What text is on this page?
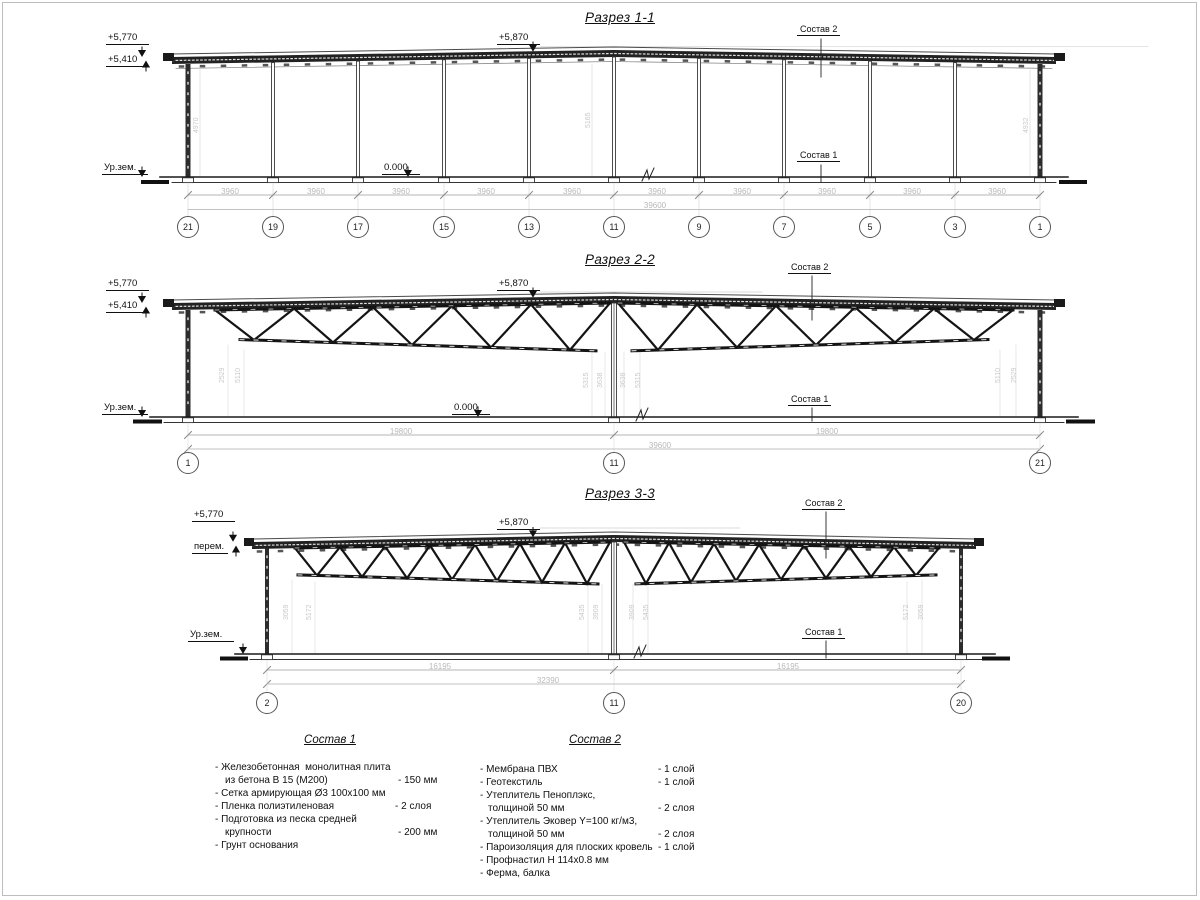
Разрез 1-1
+5,770
+5,410
Ур.зем.	0.000
+5,870
Состав 2
Состав 1
3960	3960	3960	3960	3960	3960	3960	3960	3960	3960
39600
21	19	17	15	13	11	9	7	5	3	1
4970	5165	4932
Разрез 2-2
+5,770
+5,410
Ур.зем.	0.000
+5,870
Состав 2
Состав 1
19800	19800
39600
1	11	21
2529 5110	5315 3638 3638 5315	5110 2529
Разрез 3-3
+5,770
перем.
Ур.зем.
+5,870
Состав 2
Состав 1
16195	16195
32390
2	11	20
3059 5172	5435 3909	3909 5435	5172 3059
Состав 1
- Железобетонная  монолитная плита
из бетона В 15 (М200)	- 150 мм
- Сетка армирующая Ø3 100х100 мм
- Пленка полиэтиленовая	- 2 слоя
- Подготовка из песка средней
крупности	- 200 мм
- Грунт основания
Состав 2
- Мембрана ПВХ	- 1 слой
- Геотекстиль	- 1 слой
- Утеплитель Пеноплэкс,
толщиной 50 мм	- 2 слоя
- Утеплитель Эковер Y=100 кг/м3,
толщиной 50 мм	- 2 слоя
- Пароизоляция для плоских кровель - 1 слой
- Профнастил Н 114х0.8 мм
- Ферма, балка
